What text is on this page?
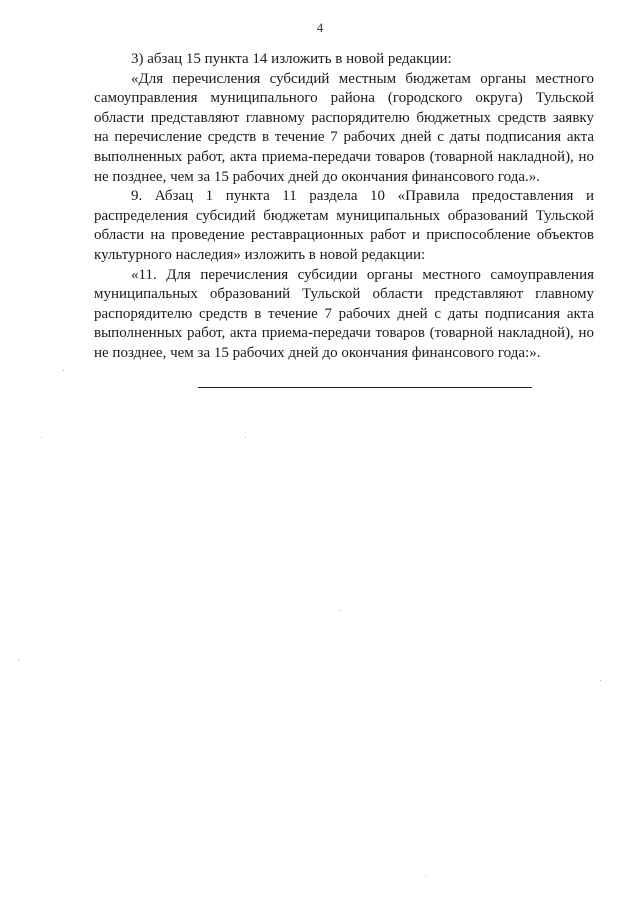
4

3) абзац 15 пункта 14 изложить в новой редакции:

«Для перечисления субсидий местным бюджетам органы местного самоуправления муниципального района (городского округа) Тульской области представляют главному распорядителю бюджетных средств заявку на перечисление средств в течение 7 рабочих дней с даты подписания акта выполненных работ, акта приема-передачи товаров (товарной накладной), но не позднее, чем за 15 рабочих дней до окончания финансового года.».

9. Абзац 1 пункта 11 раздела 10 «Правила предоставления и распределения субсидий бюджетам муниципальных образований Тульской области на проведение реставрационных работ и приспособление объектов культурного наследия» изложить в новой редакции:

«11. Для перечисления субсидии органы местного самоуправления муниципальных образований Тульской области представляют главному распорядителю средств в течение 7 рабочих дней с даты подписания акта выполненных работ, акта приема-передачи товаров (товарной накладной), но не позднее, чем за 15 рабочих дней до окончания финансового года:».
